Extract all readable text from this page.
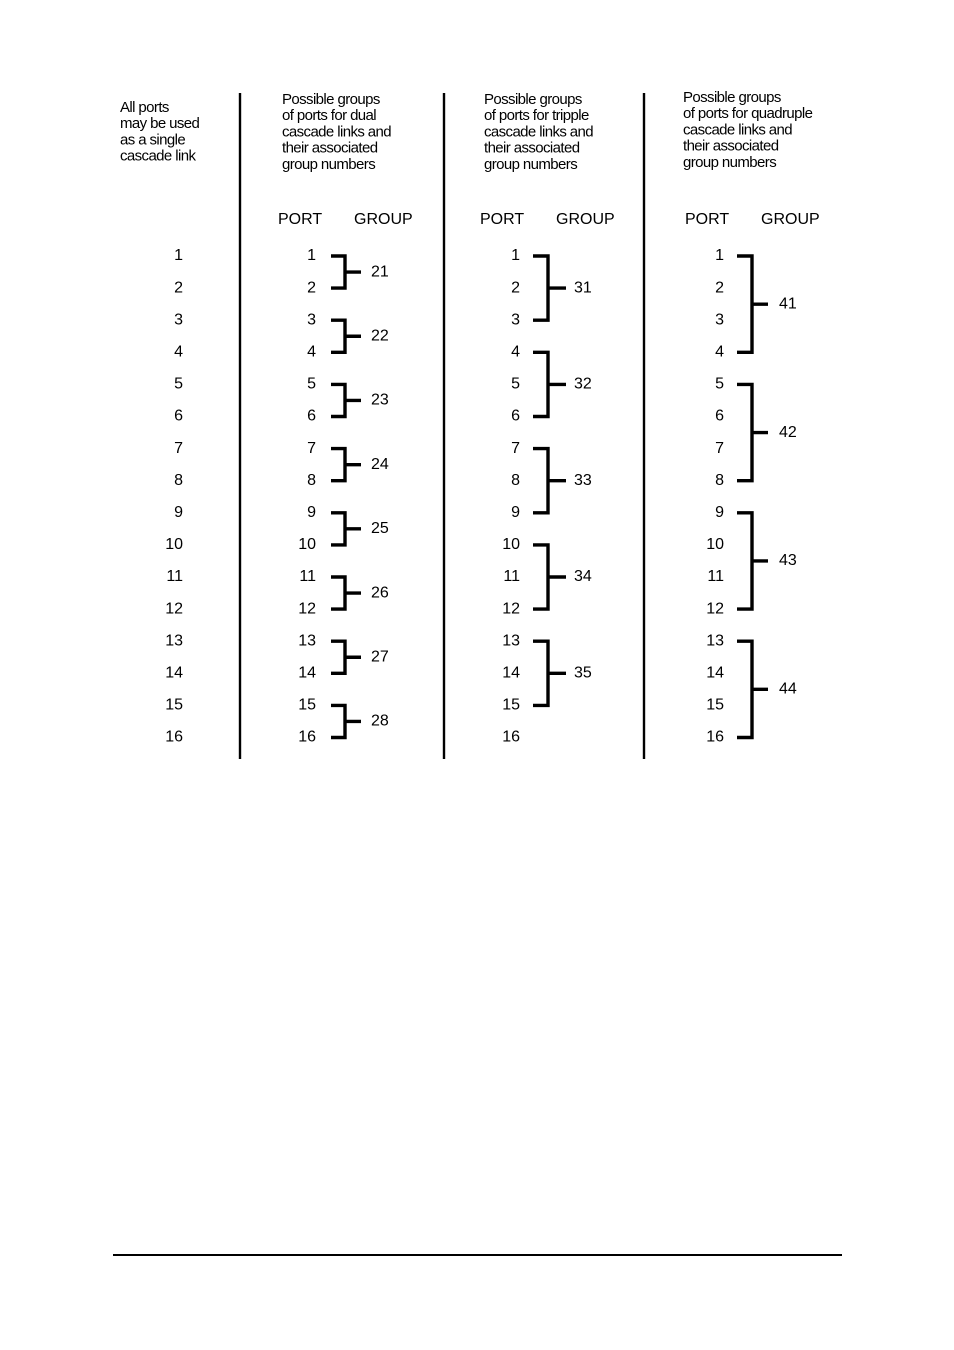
All ports
may be used
as a single
cascade link
1
2
3
4
5
6
7
8
9
10
11
12
13
14
15
16
Possible groups
of ports for dual
cascade links and
their associated
group numbers
PORT GROUP
1
2
3
4
5
6
7
8
9
10
11
12
13
14
15
16
21
22
23
24
25
26
27
28
Possible groups
of ports for tripple
cascade links and
their associated
group numbers
PORT GROUP
1
2
3
4
5
6
7
8
9
10
11
12
13
14
15
16
31
32
33
34
35
Possible groups
of ports for quadruple
cascade links and
their associated
group numbers
PORT GROUP
1
2
3
4
5
6
7
8
9
10
11
12
13
14
15
16
41
42
43
44
